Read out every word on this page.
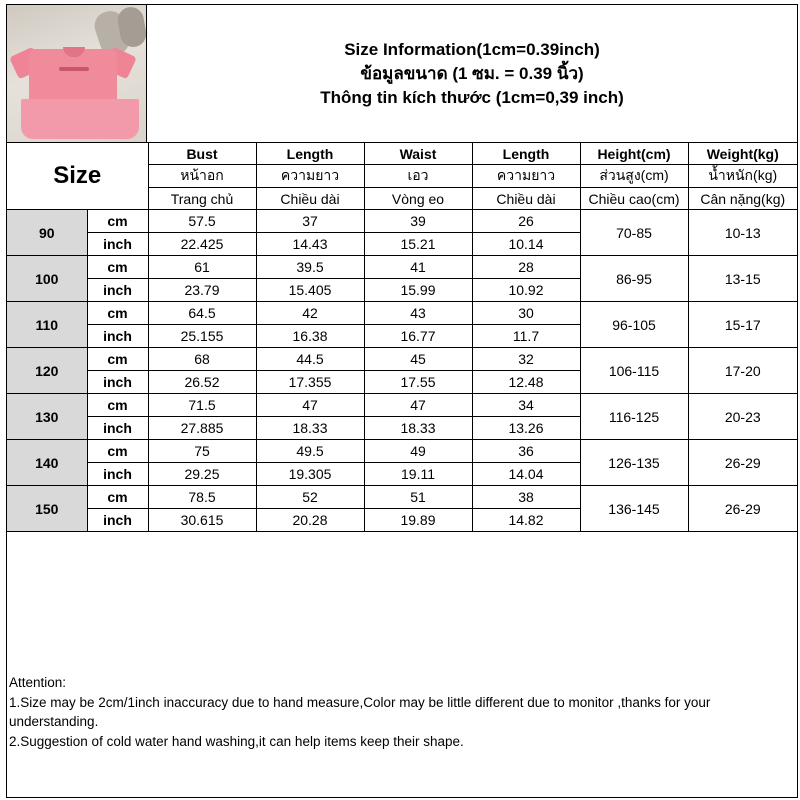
Size Information(1cm=0.39inch)
ข้อมูลขนาด (1 ซม. = 0.39 นิ้ว)
Thông tin kích thước (1cm=0,39 inch)
Size		Bust	Length	Waist	Length	Height(cm)	Weight(kg)
		หน้าอก	ความยาว	เอว	ความยาว	ส่วนสูง(cm)	น้ำหนัก(kg)
		Trang chủ	Chiều dài	Vòng eo	Chiều dài	Chiều cao(cm)	Cân nặng(kg)
90	cm	57.5	37	39	26	70-85	10-13
	inch	22.425	14.43	15.21	10.14		
100	cm	61	39.5	41	28	86-95	13-15
	inch	23.79	15.405	15.99	10.92		
110	cm	64.5	42	43	30	96-105	15-17
	inch	25.155	16.38	16.77	11.7		
120	cm	68	44.5	45	32	106-115	17-20
	inch	26.52	17.355	17.55	12.48		
130	cm	71.5	47	47	34	116-125	20-23
	inch	27.885	18.33	18.33	13.26		
140	cm	75	49.5	49	36	126-135	26-29
	inch	29.25	19.305	19.11	14.04		
150	cm	78.5	52	51	38	136-145	26-29
	inch	30.615	20.28	19.89	14.82		
Attention:
1.Size may be 2cm/1inch inaccuracy due to hand measure,Color may be little different due to monitor ,thanks for your understanding.
2.Suggestion of cold water hand washing,it can help items keep their shape.
